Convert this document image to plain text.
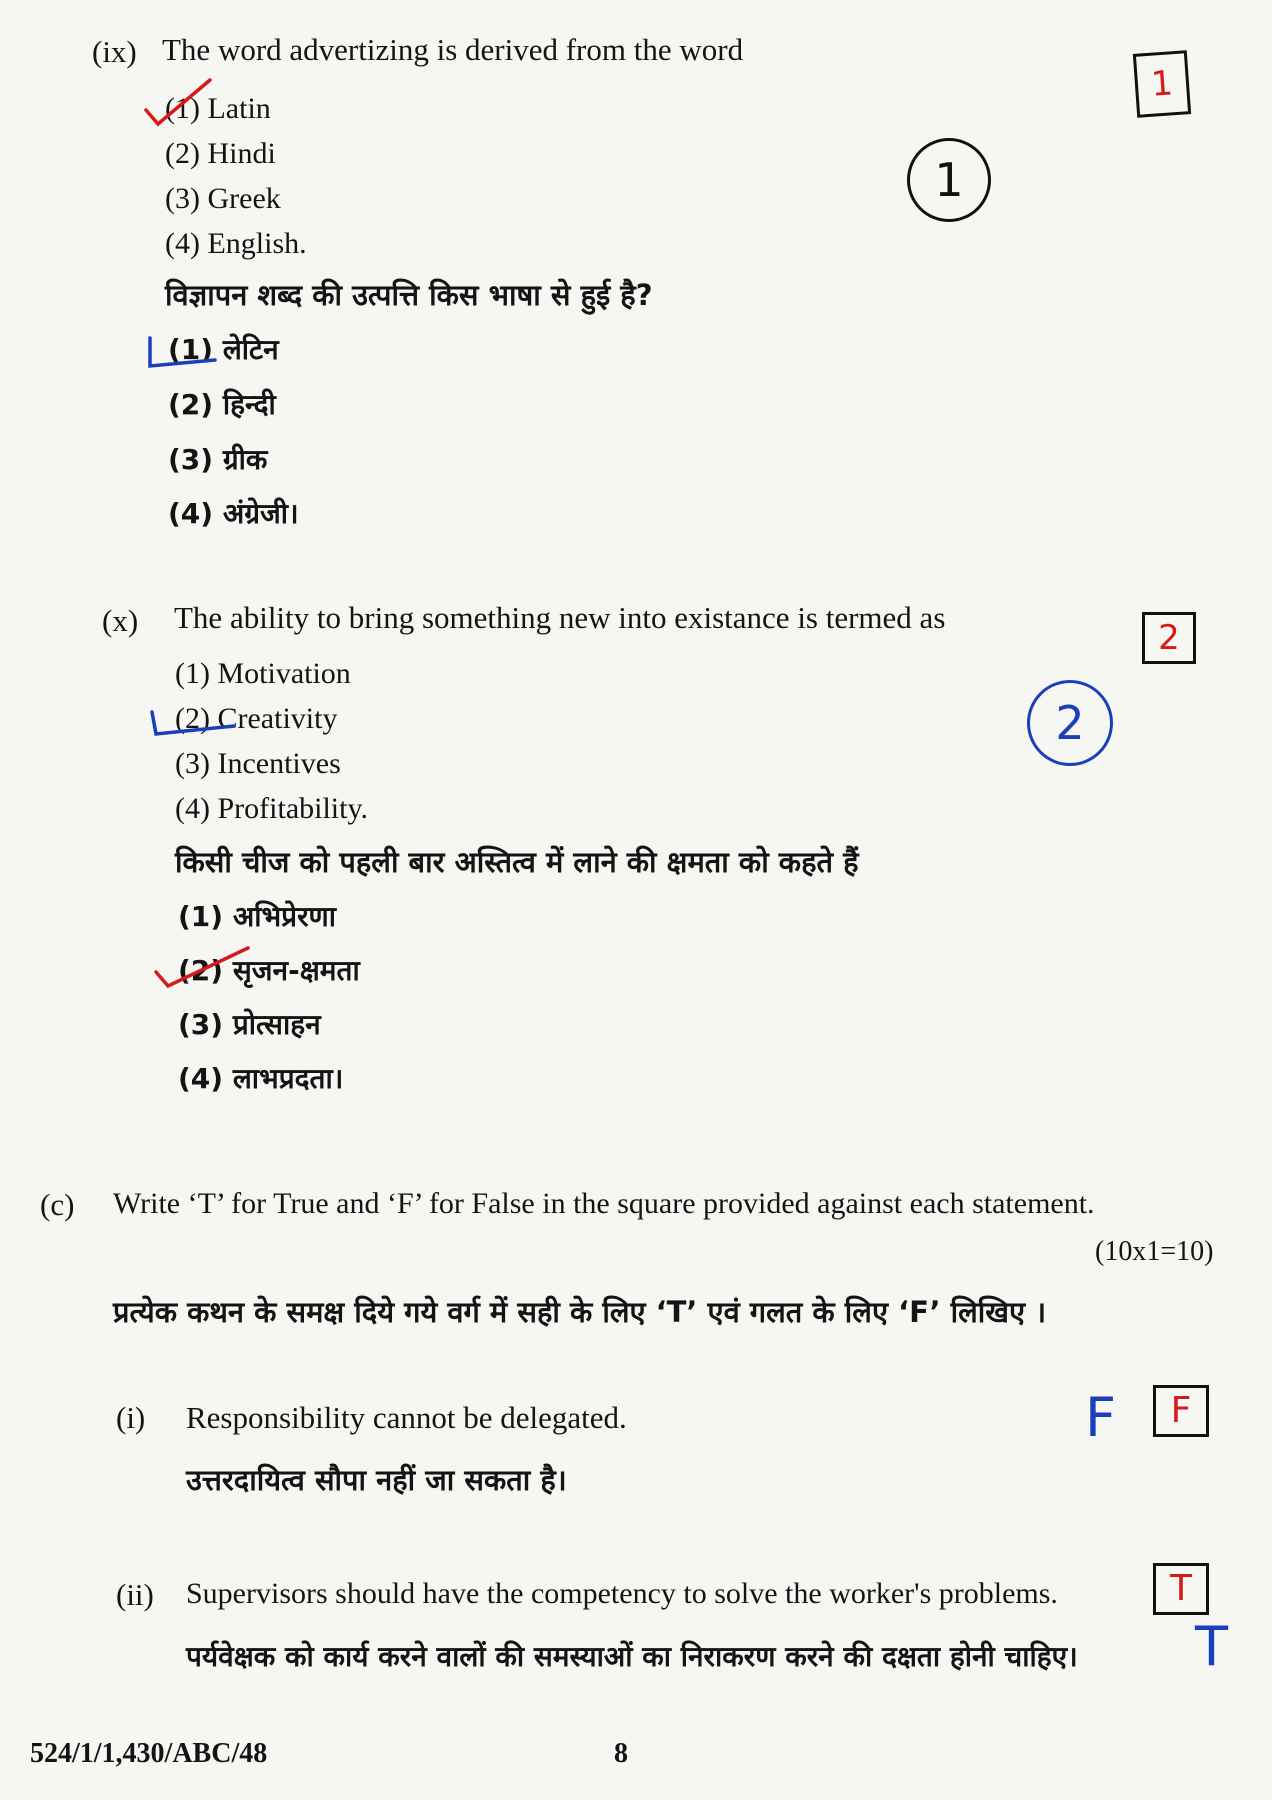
(ix) The word advertizing is derived from the word
(1) Latin
(2) Hindi
(3) Greek
(4) English.
विज्ञापन शब्द की उत्पत्ति किस भाषा से हुई है?
(1) लेटिन
(2) हिन्दी
(3) ग्रीक
(4) अंग्रेजी।
1
1
(x) The ability to bring something new into existance is termed as
(1) Motivation
(2) Creativity
(3) Incentives
(4) Profitability.
किसी चीज को पहली बार अस्तित्व में लाने की क्षमता को कहते हैं
(1) अभिप्रेरणा
(2) सृजन-क्षमता
(3) प्रोत्साहन
(4) लाभप्रदता।
2
2
(c) Write ‘T’ for True and ‘F’ for False in the square provided against each statement.
(10x1=10)
प्रत्येक कथन के समक्ष दिये गये वर्ग में सही के लिए ‘T’ एवं गलत के लिए ‘F’ लिखिए ।
(i) Responsibility cannot be delegated.
उत्तरदायित्व सौपा नहीं जा सकता है।
F	F
(ii) Supervisors should have the competency to solve the worker's problems.
पर्यवेक्षक को कार्य करने वालों की समस्याओं का निराकरण करने की दक्षता होनी चाहिए।
T
T
524/1/1,430/ABC/48	8
